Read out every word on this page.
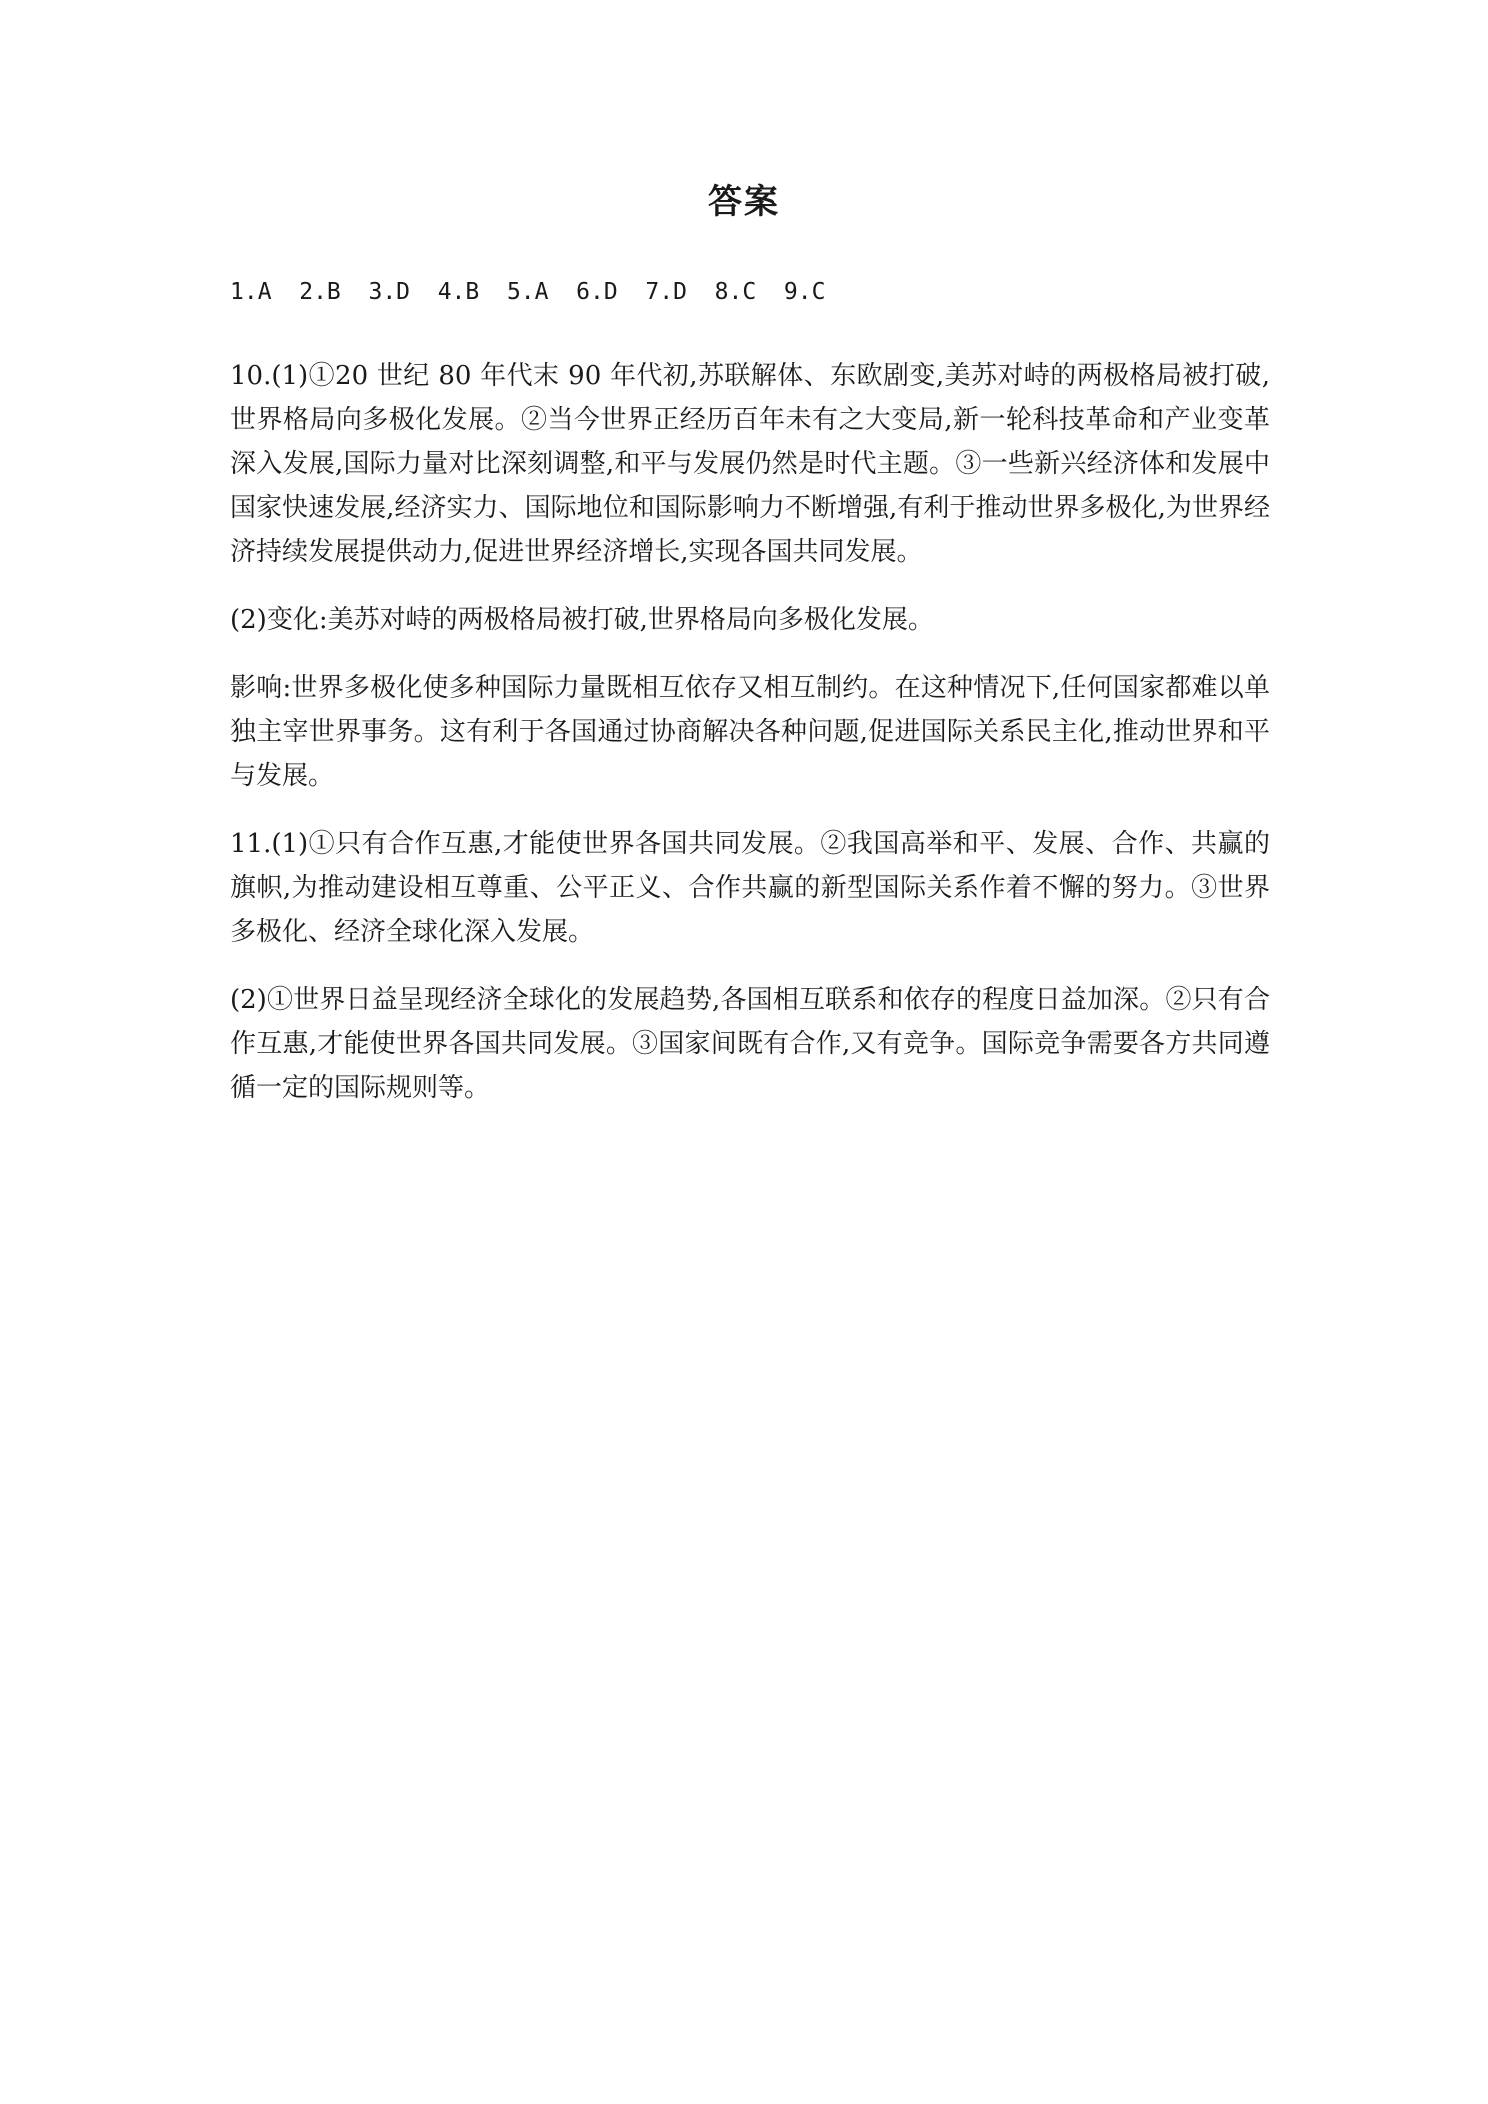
答案
1.A  2.B  3.D  4.B  5.A  6.D  7.D  8.C  9.C

10.(1)①20 世纪 80 年代末 90 年代初,苏联解体、东欧剧变,美苏对峙的两极格局被打破,世界格局向多极化发展。②当今世界正经历百年未有之大变局,新一轮科技革命和产业变革深入发展,国际力量对比深刻调整,和平与发展仍然是时代主题。③一些新兴经济体和发展中国家快速发展,经济实力、国际地位和国际影响力不断增强,有利于推动世界多极化,为世界经济持续发展提供动力,促进世界经济增长,实现各国共同发展。

(2)变化:美苏对峙的两极格局被打破,世界格局向多极化发展。

影响:世界多极化使多种国际力量既相互依存又相互制约。在这种情况下,任何国家都难以单独主宰世界事务。这有利于各国通过协商解决各种问题,促进国际关系民主化,推动世界和平与发展。

11.(1)①只有合作互惠,才能使世界各国共同发展。②我国高举和平、发展、合作、共赢的旗帜,为推动建设相互尊重、公平正义、合作共赢的新型国际关系作着不懈的努力。③世界多极化、经济全球化深入发展。

(2)①世界日益呈现经济全球化的发展趋势,各国相互联系和依存的程度日益加深。②只有合作互惠,才能使世界各国共同发展。③国家间既有合作,又有竞争。国际竞争需要各方共同遵循一定的国际规则等。
